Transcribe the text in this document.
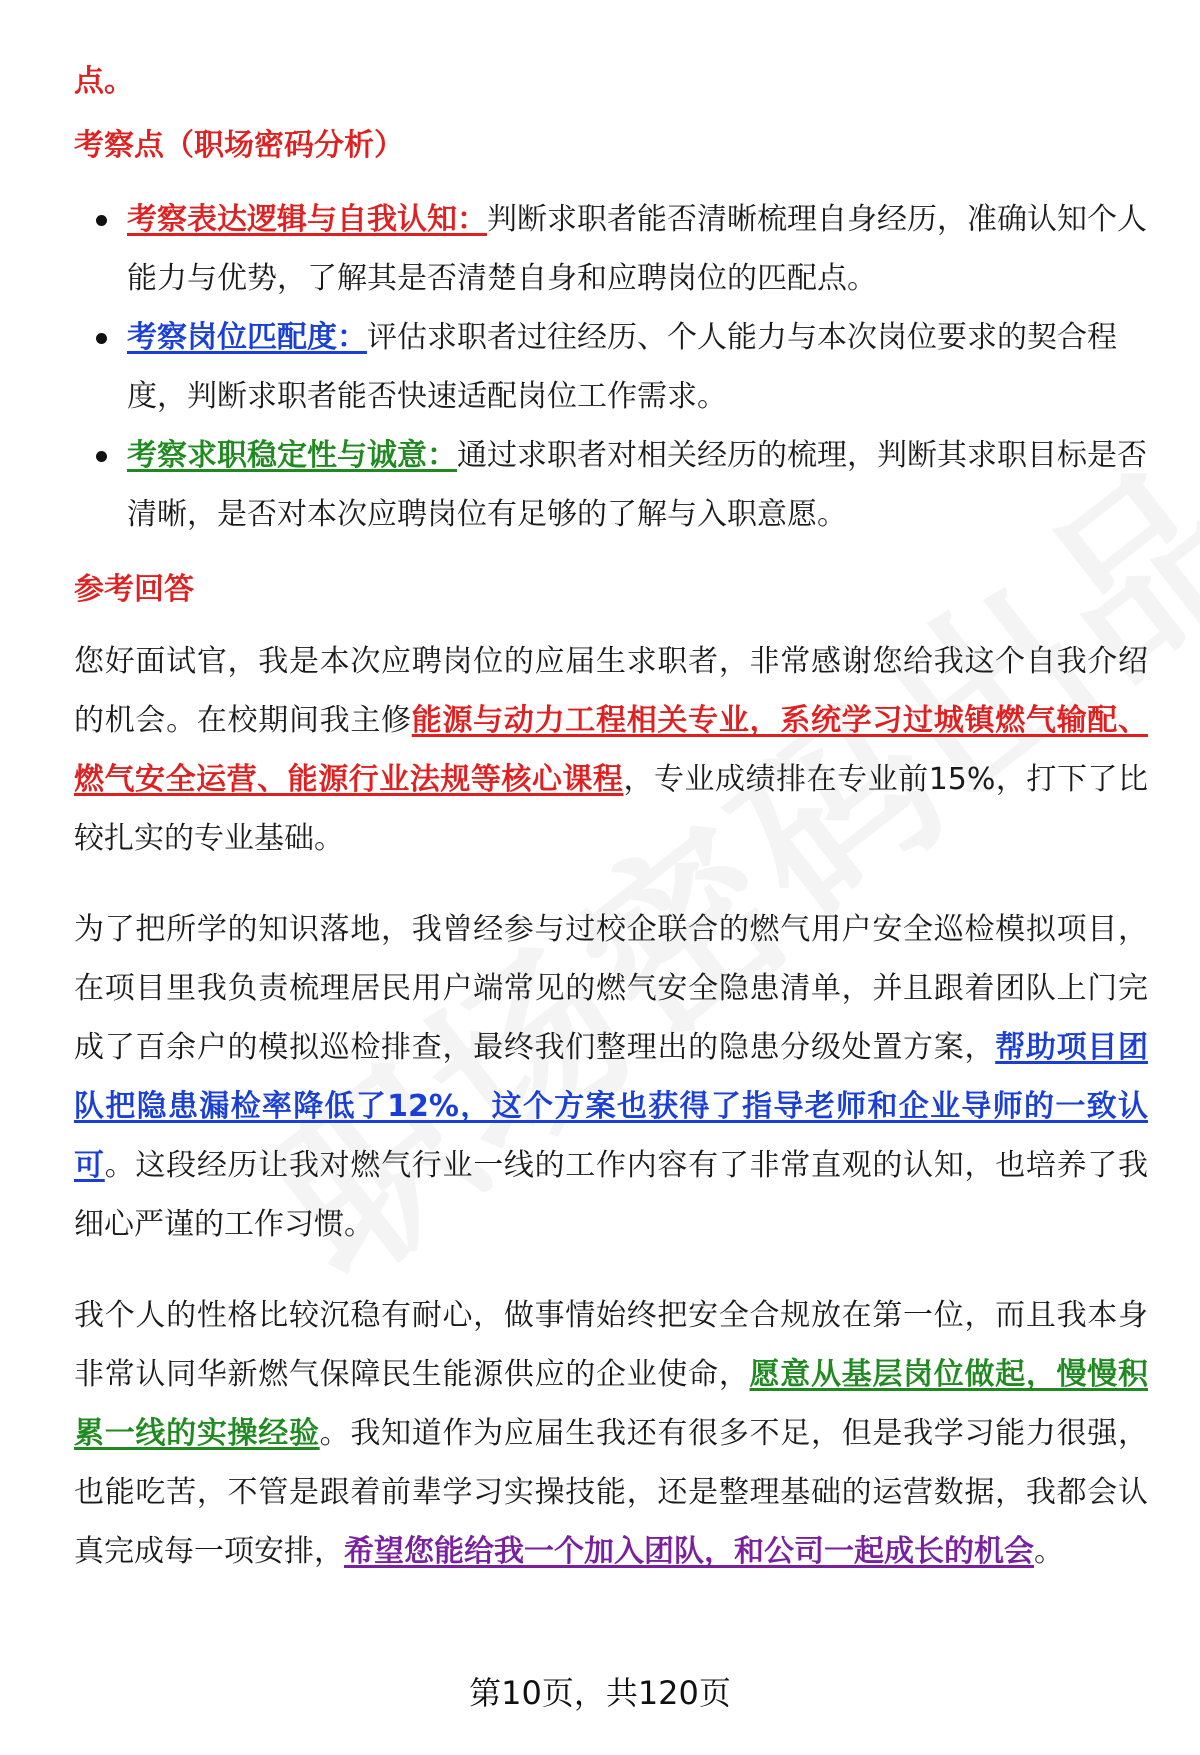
点。

考察点（职场密码分析）
考察表达逻辑与自我认知：判断求职者能否清晰梳理自身经历，准确认知个人能力与优势，了解其是否清楚自身和应聘岗位的匹配点。
考察岗位匹配度：评估求职者过往经历、个人能力与本次岗位要求的契合程度，判断求职者能否快速适配岗位工作需求。
考察求职稳定性与诚意：通过求职者对相关经历的梳理，判断其求职目标是否清晰，是否对本次应聘岗位有足够的了解与入职意愿。
参考回答

您好面试官，我是本次应聘岗位的应届生求职者，非常感谢您给我这个自我介绍的机会。在校期间我主修能源与动力工程相关专业，系统学习过城镇燃气输配、燃气安全运营、能源行业法规等核心课程，专业成绩排在专业前15%，打下了比较扎实的专业基础。

为了把所学的知识落地，我曾经参与过校企联合的燃气用户安全巡检模拟项目，在项目里我负责梳理居民用户端常见的燃气安全隐患清单，并且跟着团队上门完成了百余户的模拟巡检排查，最终我们整理出的隐患分级处置方案，帮助项目团队把隐患漏检率降低了12%，这个方案也获得了指导老师和企业导师的一致认可。这段经历让我对燃气行业一线的工作内容有了非常直观的认知，也培养了我细心严谨的工作习惯。

我个人的性格比较沉稳有耐心，做事情始终把安全合规放在第一位，而且我本身非常认同华新燃气保障民生能源供应的企业使命，愿意从基层岗位做起，慢慢积累一线的实操经验。我知道作为应届生我还有很多不足，但是我学习能力很强，也能吃苦，不管是跟着前辈学习实操技能，还是整理基础的运营数据，我都会认真完成每一项安排，希望您能给我一个加入团队，和公司一起成长的机会。

第10页，共120页
